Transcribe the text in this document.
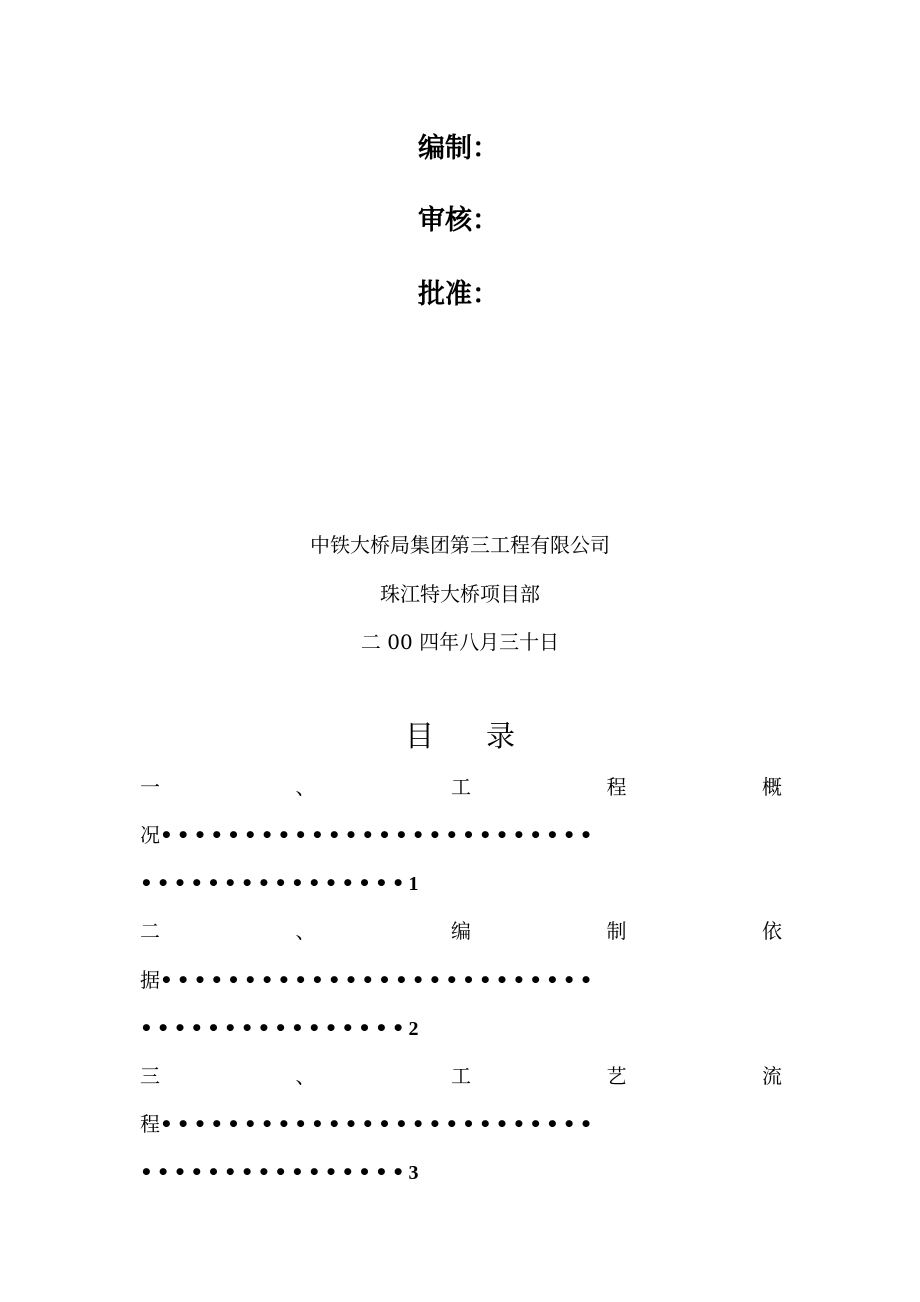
编制：
审核：
批准：
中铁大桥局集团第三工程有限公司
珠江特大桥项目部
二 00 四年八月三十日
目 录
一	、	工	程	概
况••••••••••••••••••••••••••
••••••••••••••••1
二	、	编	制	依
据••••••••••••••••••••••••••
••••••••••••••••2
三	、	工	艺	流
程••••••••••••••••••••••••••
••••••••••••••••3
